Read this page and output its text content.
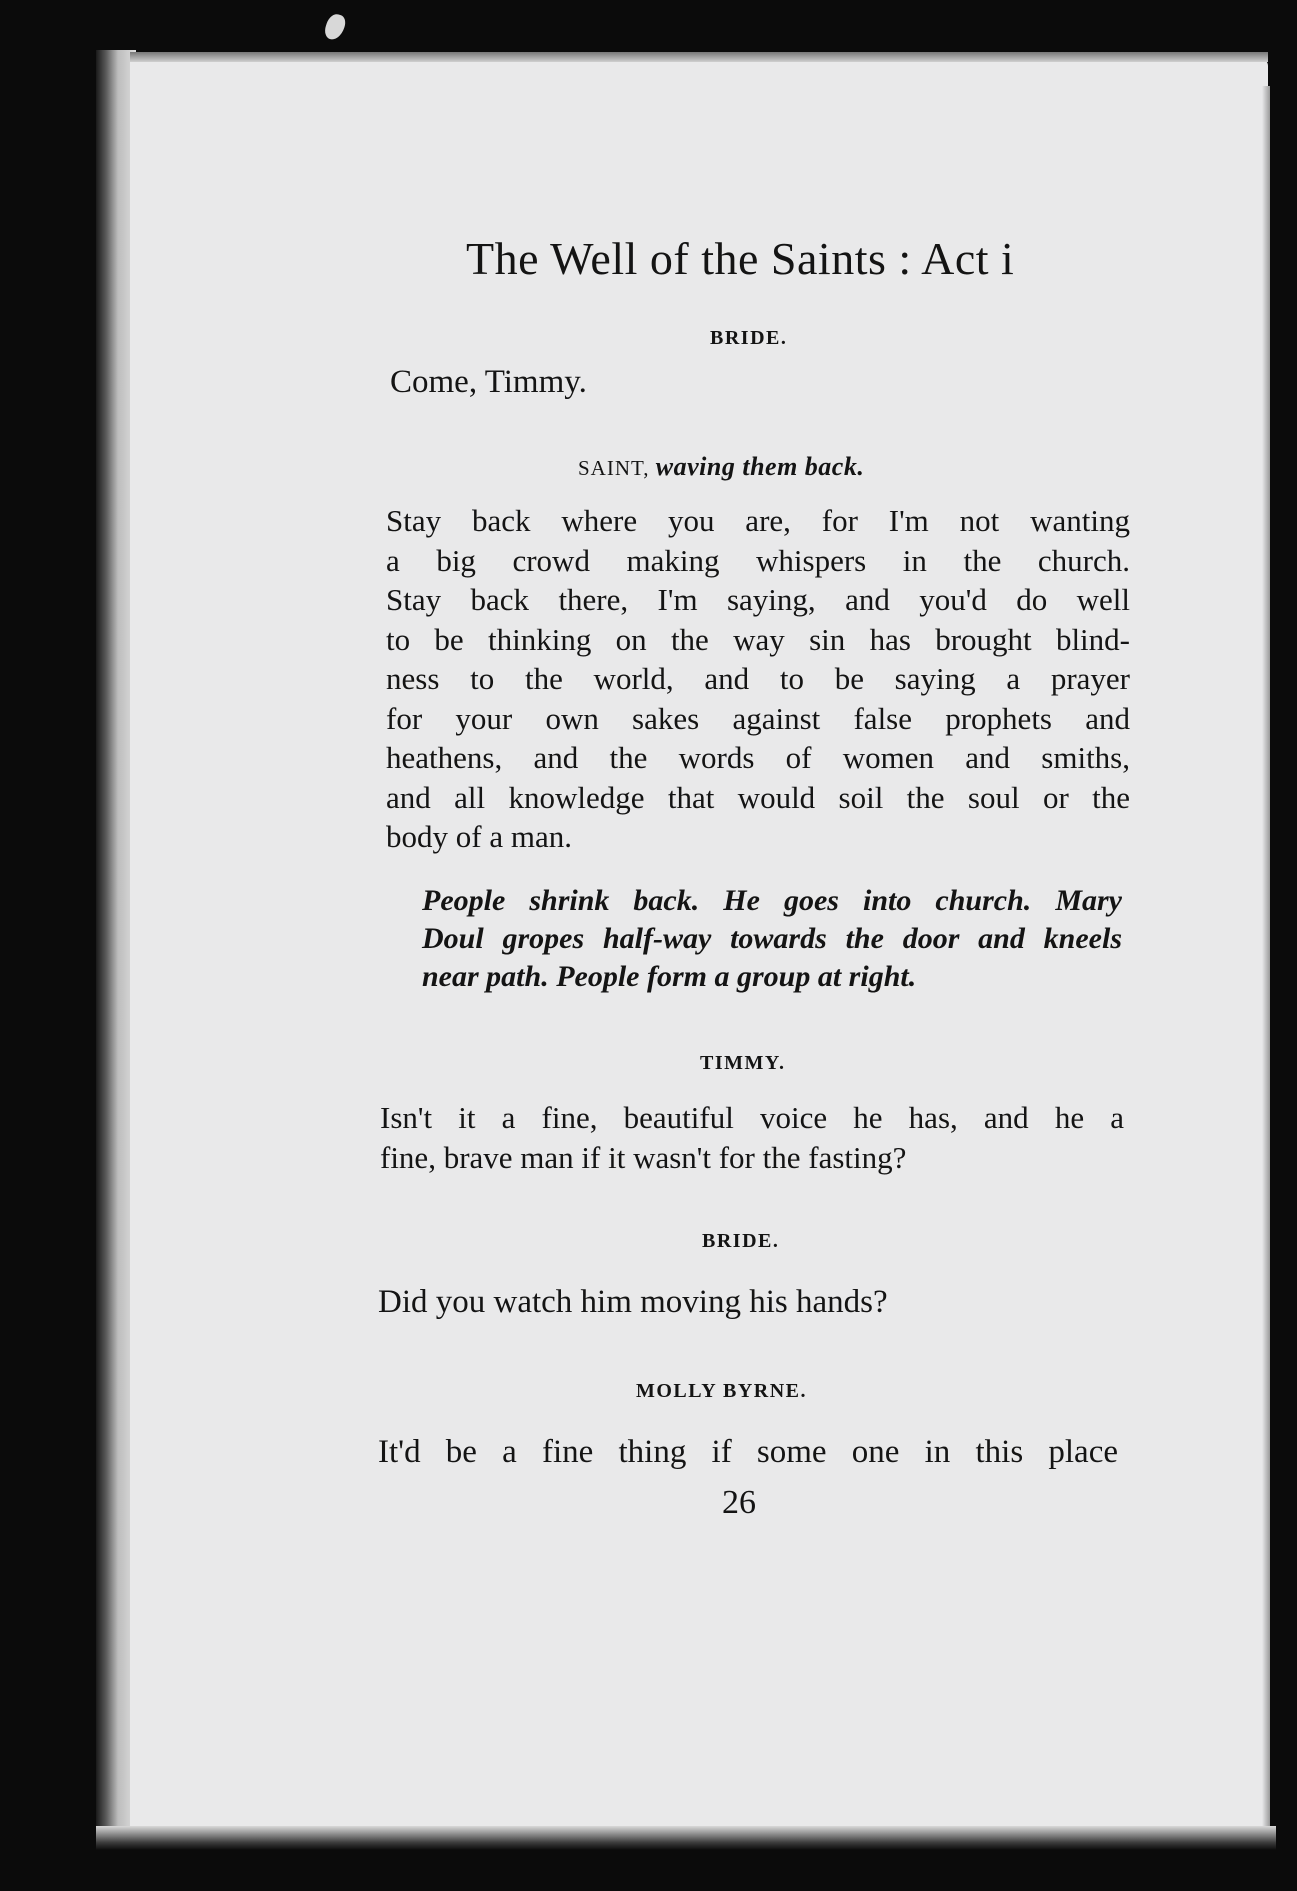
The Well of the Saints : Act i
BRIDE.
Come, Timmy.
SAINT, waving them back.
Stay back where you are, for I'm not wanting
a big crowd making whispers in the church.
Stay back there, I'm saying, and you'd do well
to be thinking on the way sin has brought blind-
ness to the world, and to be saying a prayer
for your own sakes against false prophets and
heathens, and the words of women and smiths,
and all knowledge that would soil the soul or the
body of a man.
People shrink back. He goes into church. Mary
Doul gropes half-way towards the door and kneels
near path. People form a group at right.
TIMMY.
Isn't it a fine, beautiful voice he has, and he a
fine, brave man if it wasn't for the fasting?
BRIDE.
Did you watch him moving his hands?
MOLLY BYRNE.
It'd be a fine thing if some one in this place
26
